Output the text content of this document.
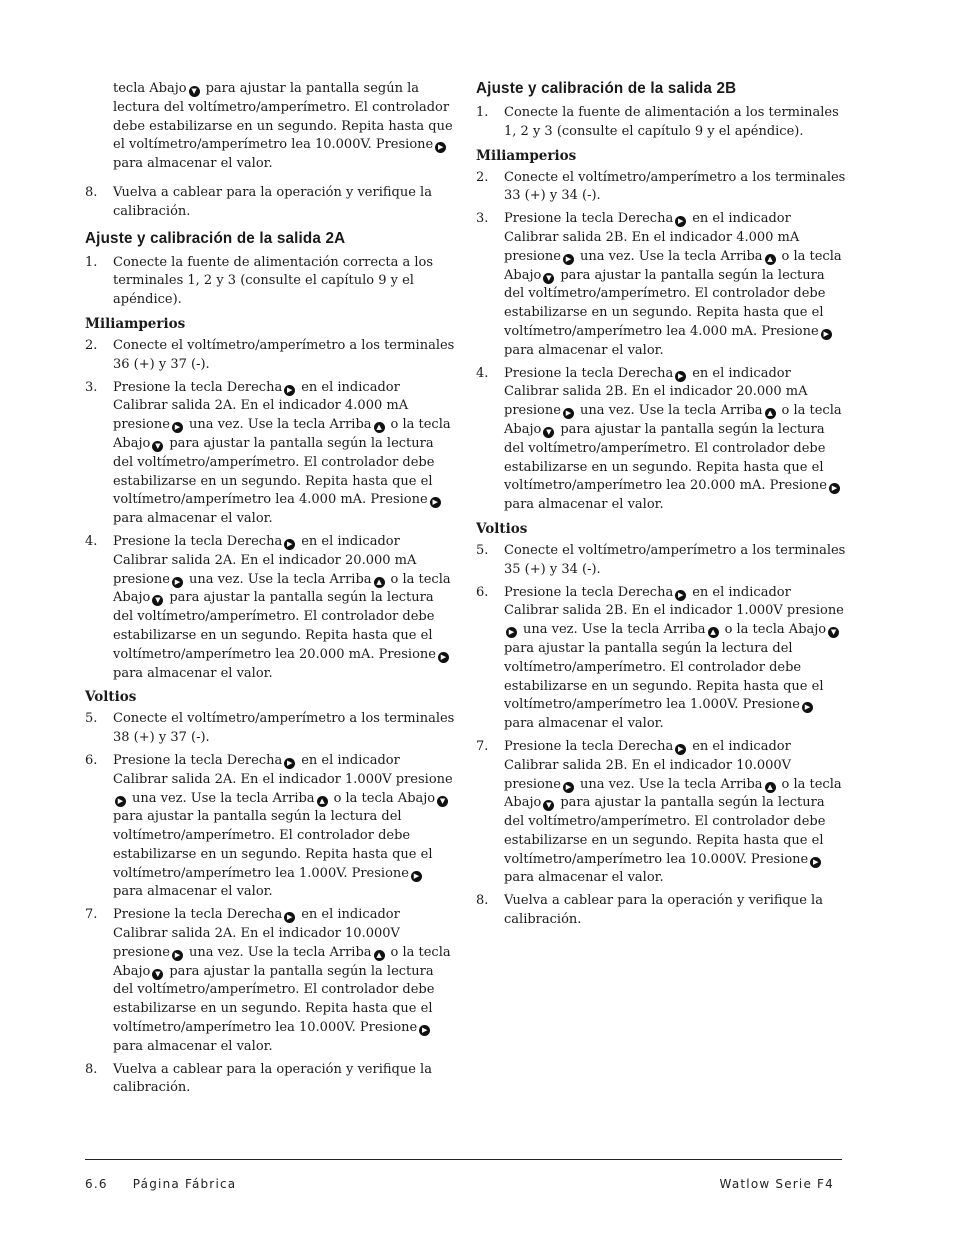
tecla Abajo ▼ para ajustar la pantalla según la lectura del voltímetro/amperímetro. El controlador debe estabilizarse en un segundo. Repita hasta que el voltímetro/amperímetro lea 10.000V. Presione ▶para almacenar el valor.

8. Vuelva a cablear para la operación y verifique la calibración.

Ajuste y calibración de la salida 2A
1. Conecte la fuente de alimentación correcta a los terminales 1, 2 y 3 (consulte el capítulo 9 y el apéndice).

Miliamperios
2. Conecte el voltímetro/amperímetro a los terminales 36 (+) y 37 (-).

3. Presione la tecla Derecha ▶ en el indicador Calibrar salida 2A. En el indicador 4.000 mA presione ▶ una vez. Use la tecla Arriba ▲ o la tecla Abajo ▼ para ajustar la pantalla según la lectura del voltímetro/amperímetro. El controlador debe estabilizarse en un segundo. Repita hasta que el voltímetro/amperímetro lea 4.000 mA. Presione ▶para almacenar el valor.

4. Presione la tecla Derecha ▶ en el indicador Calibrar salida 2A. En el indicador 20.000 mA presione ▶ una vez. Use la tecla Arriba ▲ o la tecla Abajo ▼ para ajustar la pantalla según la lectura del voltímetro/amperímetro. El controlador debe estabilizarse en un segundo. Repita hasta que el voltímetro/amperímetro lea 20.000 mA. Presione ▶para almacenar el valor.

Voltios
5. Conecte el voltímetro/amperímetro a los terminales 38 (+) y 37 (-).

6. Presione la tecla Derecha ▶ en el indicador Calibrar salida 2A. En el indicador 1.000V presione▶ una vez. Use la tecla Arriba ▲ o la tecla Abajo ▼para ajustar la pantalla según la lectura del voltímetro/amperímetro. El controlador debe estabilizarse en un segundo. Repita hasta que el voltímetro/amperímetro lea 1.000V. Presione ▶para almacenar el valor.

7. Presione la tecla Derecha ▶ en el indicador Calibrar salida 2A. En el indicador 10.000V presione ▶ una vez. Use la tecla Arriba ▲ o la tecla Abajo ▼ para ajustar la pantalla según la lectura del voltímetro/amperímetro. El controlador debe estabilizarse en un segundo. Repita hasta que el voltímetro/amperímetro lea 10.000V. Presione ▶para almacenar el valor.

8. Vuelva a cablear para la operación y verifique la calibración.

Ajuste y calibración de la salida 2B
1. Conecte la fuente de alimentación a los terminales 1, 2 y 3 (consulte el capítulo 9 y el apéndice).

Miliamperios
2. Conecte el voltímetro/amperímetro a los terminales 33 (+) y 34 (-).

3. Presione la tecla Derecha ▶ en el indicador Calibrar salida 2B. En el indicador 4.000 mA presione ▶ una vez. Use la tecla Arriba ▲ o la tecla Abajo ▼ para ajustar la pantalla según la lectura del voltímetro/amperímetro. El controlador debe estabilizarse en un segundo. Repita hasta que el voltímetro/amperímetro lea 4.000 mA. Presione ▶para almacenar el valor.

4. Presione la tecla Derecha ▶ en el indicador Calibrar salida 2B. En el indicador 20.000 mA presione ▶ una vez. Use la tecla Arriba ▲ o la tecla Abajo ▼ para ajustar la pantalla según la lectura del voltímetro/amperímetro. El controlador debe estabilizarse en un segundo. Repita hasta que el voltímetro/amperímetro lea 20.000 mA. Presione ▶para almacenar el valor.

Voltios
5. Conecte el voltímetro/amperímetro a los terminales 35 (+) y 34 (-).

6. Presione la tecla Derecha ▶ en el indicador Calibrar salida 2B. En el indicador 1.000V presione▶ una vez. Use la tecla Arriba ▲ o la tecla Abajo ▼para ajustar la pantalla según la lectura del voltímetro/amperímetro. El controlador debe estabilizarse en un segundo. Repita hasta que el voltímetro/amperímetro lea 1.000V. Presione ▶para almacenar el valor.

7. Presione la tecla Derecha ▶ en el indicador Calibrar salida 2B. En el indicador 10.000V presione ▶ una vez. Use la tecla Arriba ▲ o la tecla Abajo ▼ para ajustar la pantalla según la lectura del voltímetro/amperímetro. El controlador debe estabilizarse en un segundo. Repita hasta que el voltímetro/amperímetro lea 10.000V. Presione ▶para almacenar el valor.

8. Vuelva a cablear para la operación y verifique la calibración.

6.6 Página Fábrica	Watlow Serie F4
